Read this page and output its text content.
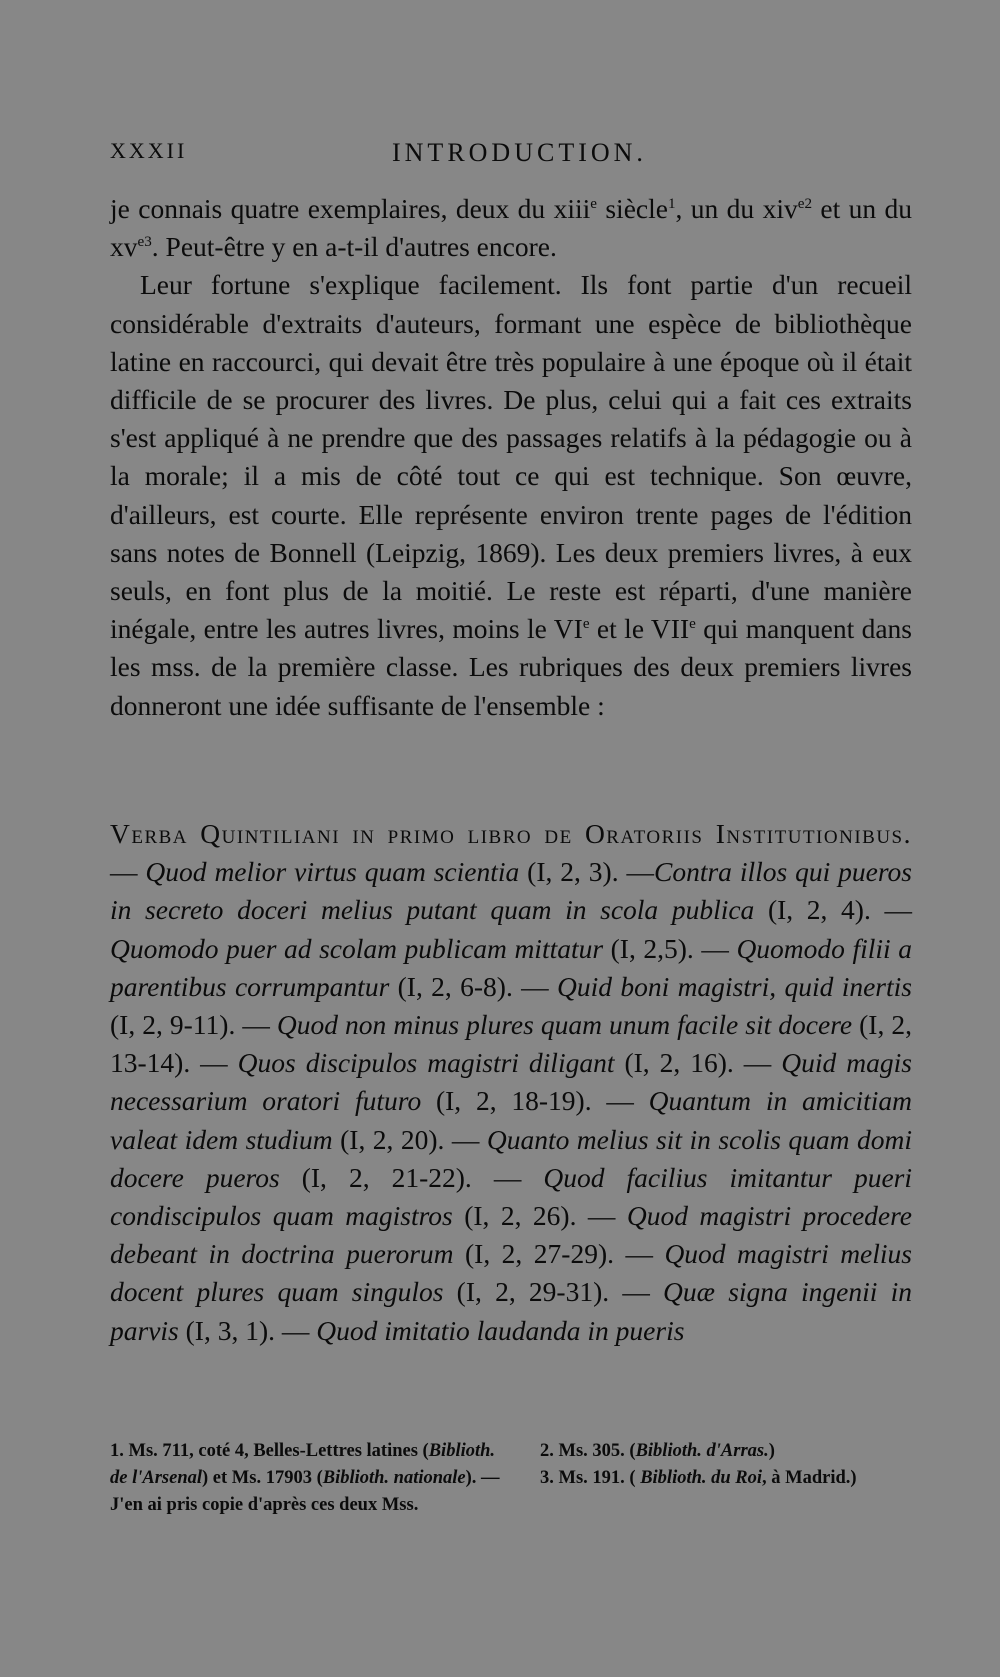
XXXII	INTRODUCTION.

je connais quatre exemplaires, deux du xiii$^e$ siècle$^1$, un du xiv$^{e2}$ et un du $xv^{e3}$. Peut-être y en a-t-il d'autres encore.

Leur fortune s'explique facilement. Ils font partie d'un recueil considérable d'extraits d'auteurs, formant une espèce de bibliothèque latine en raccourci, qui devait être très populaire à une époque où il était difficile de se procurer des livres. De plus, celui qui a fait ces extraits s'est appliqué à ne prendre que des passages relatifs à la pédagogie ou à la morale; il a mis de côté tout ce qui est technique. Son œuvre, d'ailleurs, est courte. Elle représente environ trente pages de l'édition sans notes de Bonnell (Leipzig, 1869). Les deux premiers livres, à eux seuls, en font plus de la moitié. Le reste est réparti, d'une manière inégale, entre les autres livres, moins le VIe et le VIIe qui manquent dans les mss. de la première classe. Les rubriques des deux premiers livres donneront une idée suffisante de l'ensemble :

Verba Quintiliani in primo libro de Oratoriis Institutionibus. — Quod melior virtus quam scientia (I, 2, 3). —Contra illos qui pueros in secreto doceri melius putant quam in scola publica (I, 2, 4). — Quomodo puer ad scolam publicam mittatur (I, 2,5). — Quomodo filii a parentibus corrumpantur (I, 2, 6-8). — Quid boni magistri, quid inertis (I, 2, 9-11). — Quod non minus plures quam unum facile sit docere (I, 2, 13-14). — Quos discipulos magistri diligant (I, 2, 16). — Quid magis necessarium oratori futuro (I, 2, 18-19). — Quantum in amicitiam valeat idem studium (I, 2, 20). — Quanto melius sit in scolis quam domi docere pueros (I, 2, 21-22). — Quod facilius imitantur pueri condiscipulos quam magistros (I, 2, 26). — Quod magistri procedere debeant in doctrina puerorum (I, 2, 27-29). — Quod magistri melius docent plures quam singulos (I, 2, 29-31). — Quæ signa ingenii in parvis (I, 3, 1). — Quod imitatio laudanda in pueris

1. Ms. 711, coté 4, Belles-Lettres latines (Biblioth. de l'Arsenal) et Ms. 17903 (Biblioth. nationale). — J'en ai pris copie d'après ces deux Mss.

2. Ms. 305. (Biblioth. d'Arras.)

3. Ms. 191. ( Biblioth. du Roi, à Madrid.)
